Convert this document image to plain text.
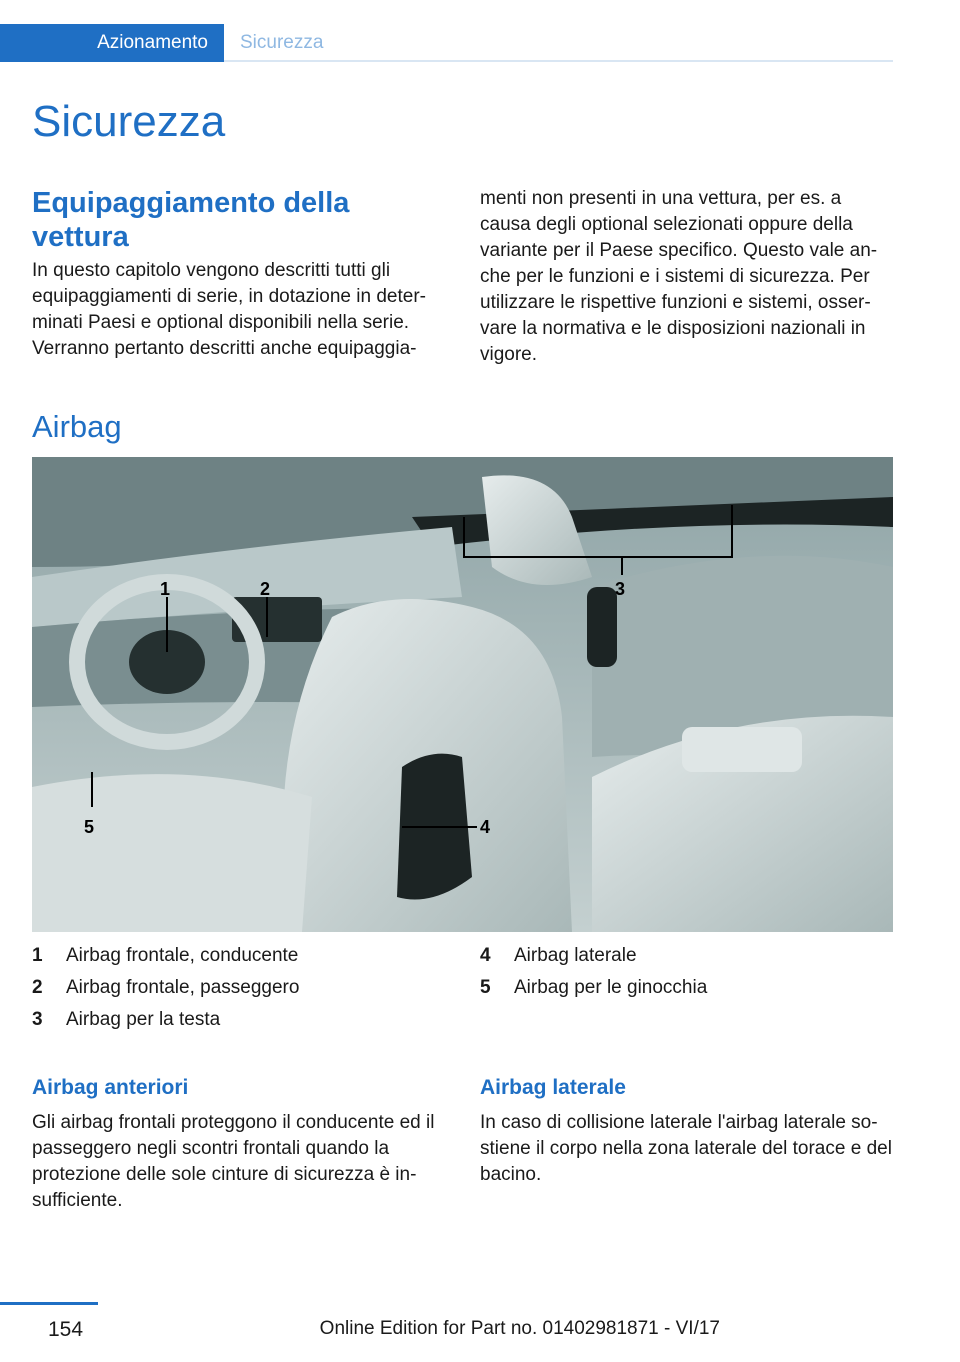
Azionamento	Sicurezza
Sicurezza
Equipaggiamento della vettura

In questo capitolo vengono descritti tutti gli equipaggiamenti di serie, in dotazione in deter- minati Paesi e optional disponibili nella serie. Verranno pertanto descritti anche equipaggia-

menti non presenti in una vettura, per es. a causa degli optional selezionati oppure della variante per il Paese specifico. Questo vale an- che per le funzioni e i sistemi di sicurezza. Per utilizzare le rispettive funzioni e sistemi, osser- vare la normativa e le disposizioni nazionali in vigore.

Airbag
1	2	3
4
5
1	Airbag frontale, conducente
2	Airbag frontale, passeggero
3	Airbag per la testa
4	Airbag laterale
5	Airbag per le ginocchia
Airbag anteriori

Gli airbag frontali proteggono il conducente ed il passeggero negli scontri frontali quando la protezione delle sole cinture di sicurezza è in- sufficiente.

Airbag laterale

In caso di collisione laterale l'airbag laterale so- stiene il corpo nella zona laterale del torace e del bacino.

154	Online Edition for Part no. 01402981871 - VI/17
